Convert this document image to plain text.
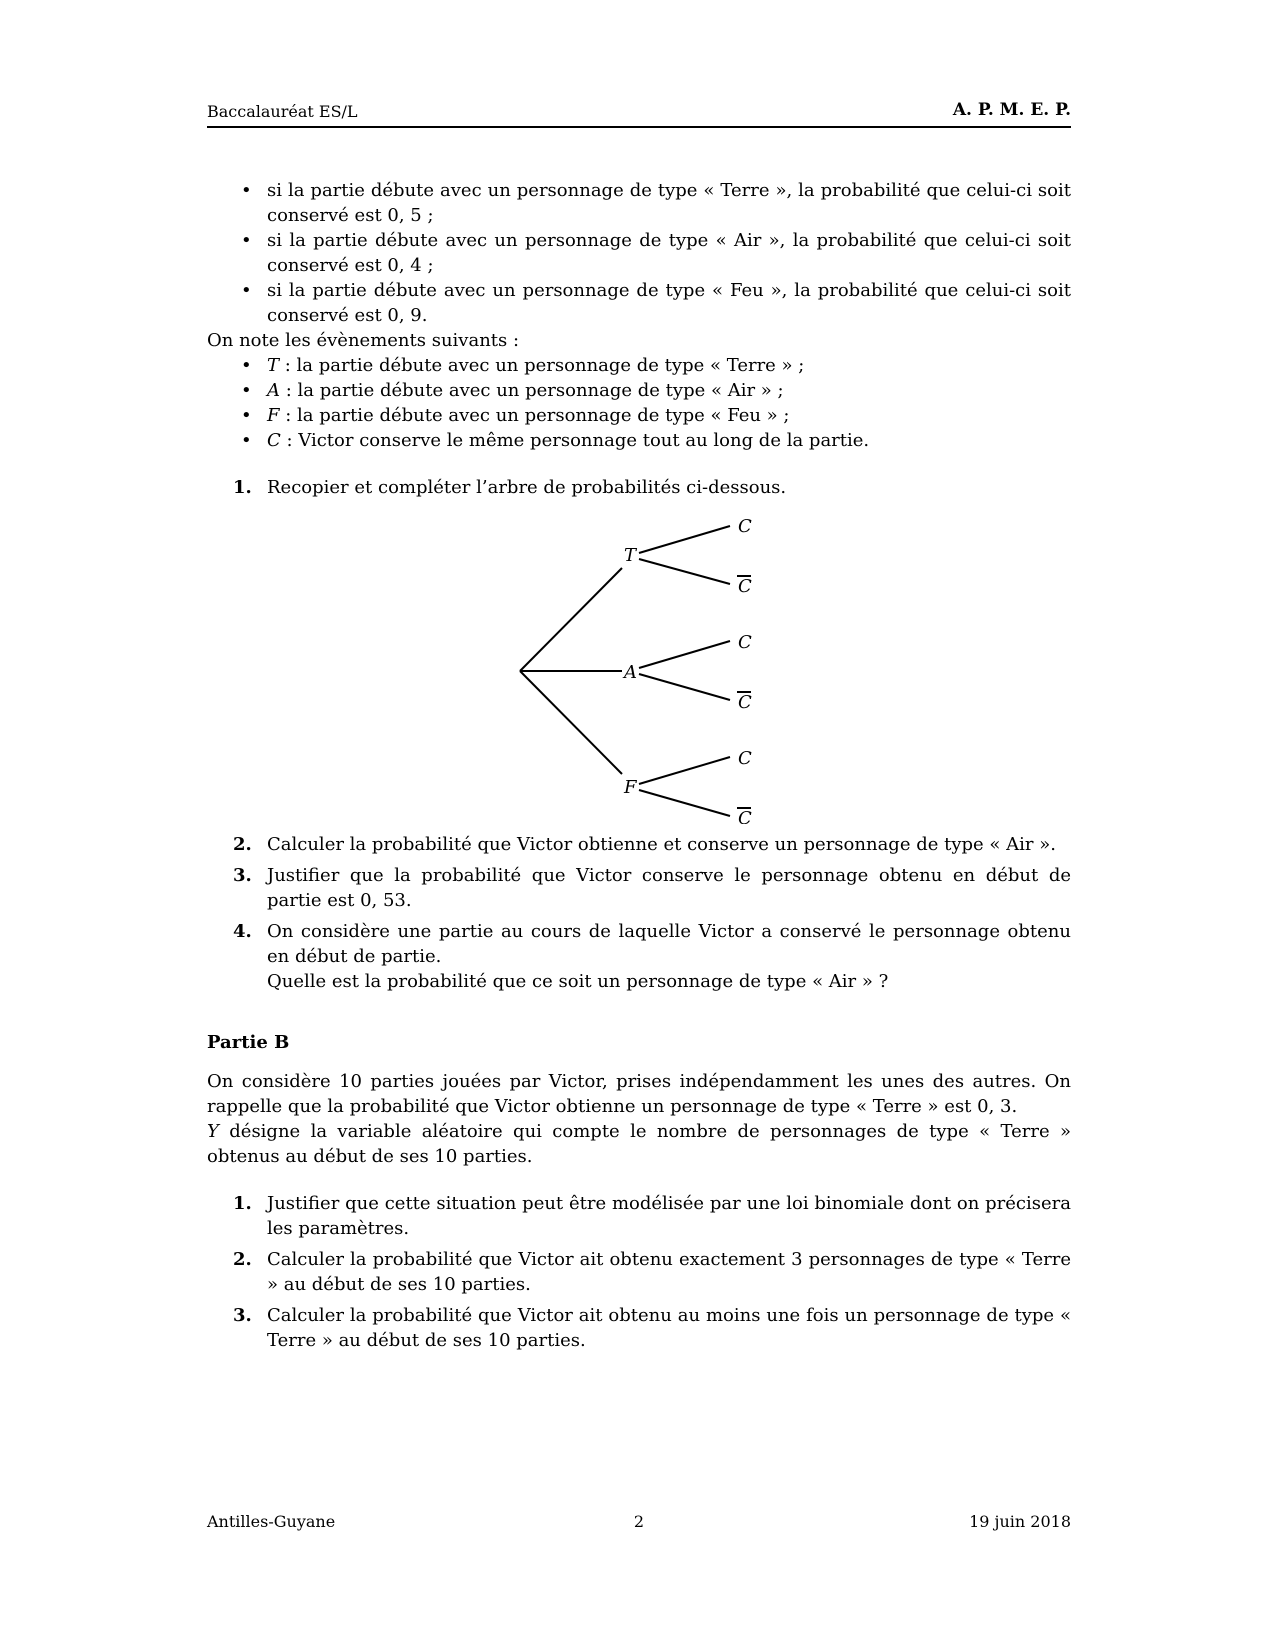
Baccalauréat ES/L	A. P. M. E. P.
• si la partie débute avec un personnage de type « Terre », la probabilité que celui-ci soit conservé est 0, 5 ;
• si la partie débute avec un personnage de type « Air », la probabilité que celui-ci soit conservé est 0, 4 ;
• si la partie débute avec un personnage de type « Feu », la probabilité que celui-ci soit conservé est 0, 9.

On note les évènements suivants :

• T : la partie débute avec un personnage de type « Terre » ;
• A : la partie débute avec un personnage de type « Air » ;
• F : la partie débute avec un personnage de type « Feu » ;
• C : Victor conserve le même personnage tout au long de la partie.
1. Recopier et compléter l’arbre de probabilités ci-dessous.
T
A
F
C
C
C
C
C
C
2. Calculer la probabilité que Victor obtienne et conserve un personnage de type « Air ».
3. Justifier que la probabilité que Victor conserve le personnage obtenu en début de partie est 0, 53.
4. On considère une partie au cours de laquelle Victor a conservé le personnage obtenu en début de partie.
Quelle est la probabilité que ce soit un personnage de type « Air » ?

Partie B

On considère 10 parties jouées par Victor, prises indépendamment les unes des autres. On rappelle que la probabilité que Victor obtienne un personnage de type « Terre » est 0, 3.

Y désigne la variable aléatoire qui compte le nombre de personnages de type « Terre » obtenus au début de ses 10 parties.

1. Justifier que cette situation peut être modélisée par une loi binomiale dont on précisera les paramètres.
2. Calculer la probabilité que Victor ait obtenu exactement 3 personnages de type « Terre » au début de ses 10 parties.
3. Calculer la probabilité que Victor ait obtenu au moins une fois un personnage de type « Terre » au début de ses 10 parties.
Antilles-Guyane	2	19 juin 2018
